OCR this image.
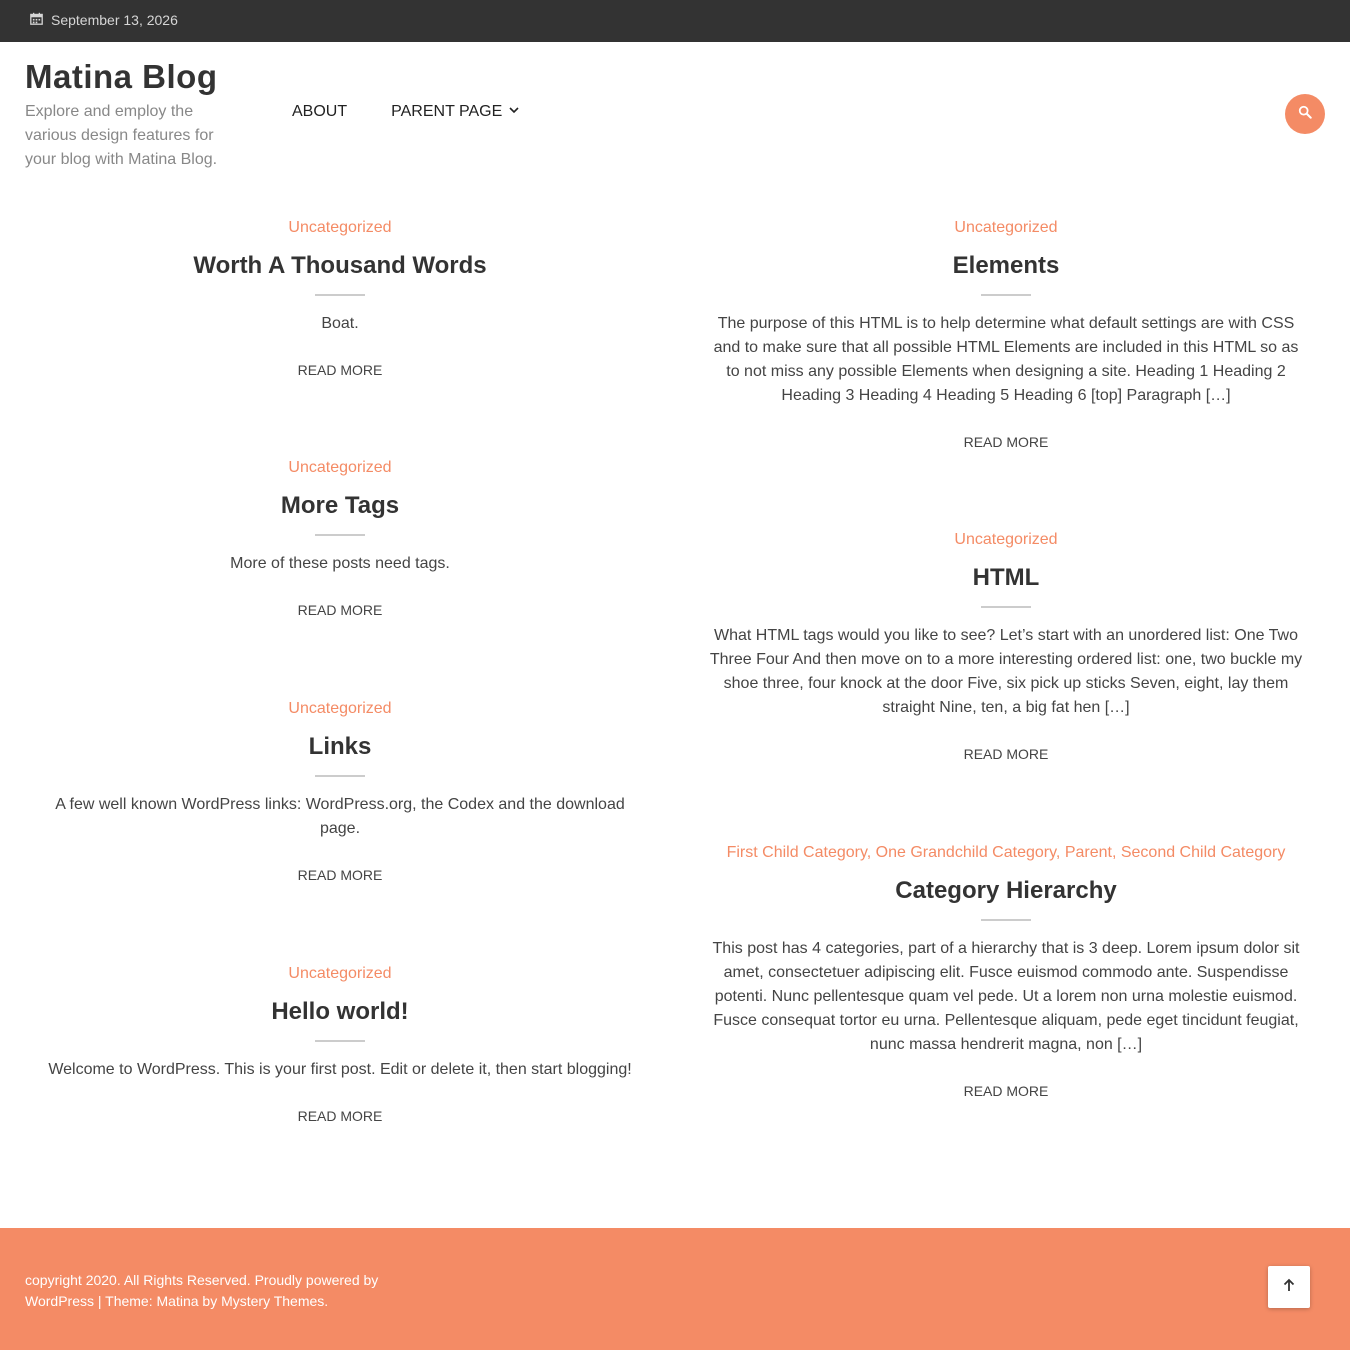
September 13, 2026
Matina Blog
Explore and employ the various design features for your blog with Matina Blog.
ABOUT	PARENT PAGE
Uncategorized
Worth A Thousand Words
Boat.
READ MORE
Uncategorized
More Tags
More of these posts need tags.
READ MORE
Uncategorized
Links
A few well known WordPress links: WordPress.org, the Codex and the download page.
READ MORE
Uncategorized
Hello world!
Welcome to WordPress. This is your first post. Edit or delete it, then start blogging!
READ MORE
Uncategorized
Elements
The purpose of this HTML is to help determine what default settings are with CSS and to make sure that all possible HTML Elements are included in this HTML so as to not miss any possible Elements when designing a site. Heading 1 Heading 2 Heading 3 Heading 4 Heading 5 Heading 6 [top] Paragraph […]
READ MORE
Uncategorized
HTML
What HTML tags would you like to see? Let’s start with an unordered list: One Two Three Four And then move on to a more interesting ordered list: one, two buckle my shoe three, four knock at the door Five, six pick up sticks Seven, eight, lay them straight Nine, ten, a big fat hen […]
READ MORE
First Child Category, One Grandchild Category, Parent, Second Child Category
Category Hierarchy
This post has 4 categories, part of a hierarchy that is 3 deep. Lorem ipsum dolor sit amet, consectetuer adipiscing elit. Fusce euismod commodo ante. Suspendisse potenti. Nunc pellentesque quam vel pede. Ut a lorem non urna molestie euismod. Fusce consequat tortor eu urna. Pellentesque aliquam, pede eget tincidunt feugiat, nunc massa hendrerit magna, non […]
READ MORE
copyright 2020. All Rights Reserved. Proudly powered by WordPress | Theme: Matina by Mystery Themes.
